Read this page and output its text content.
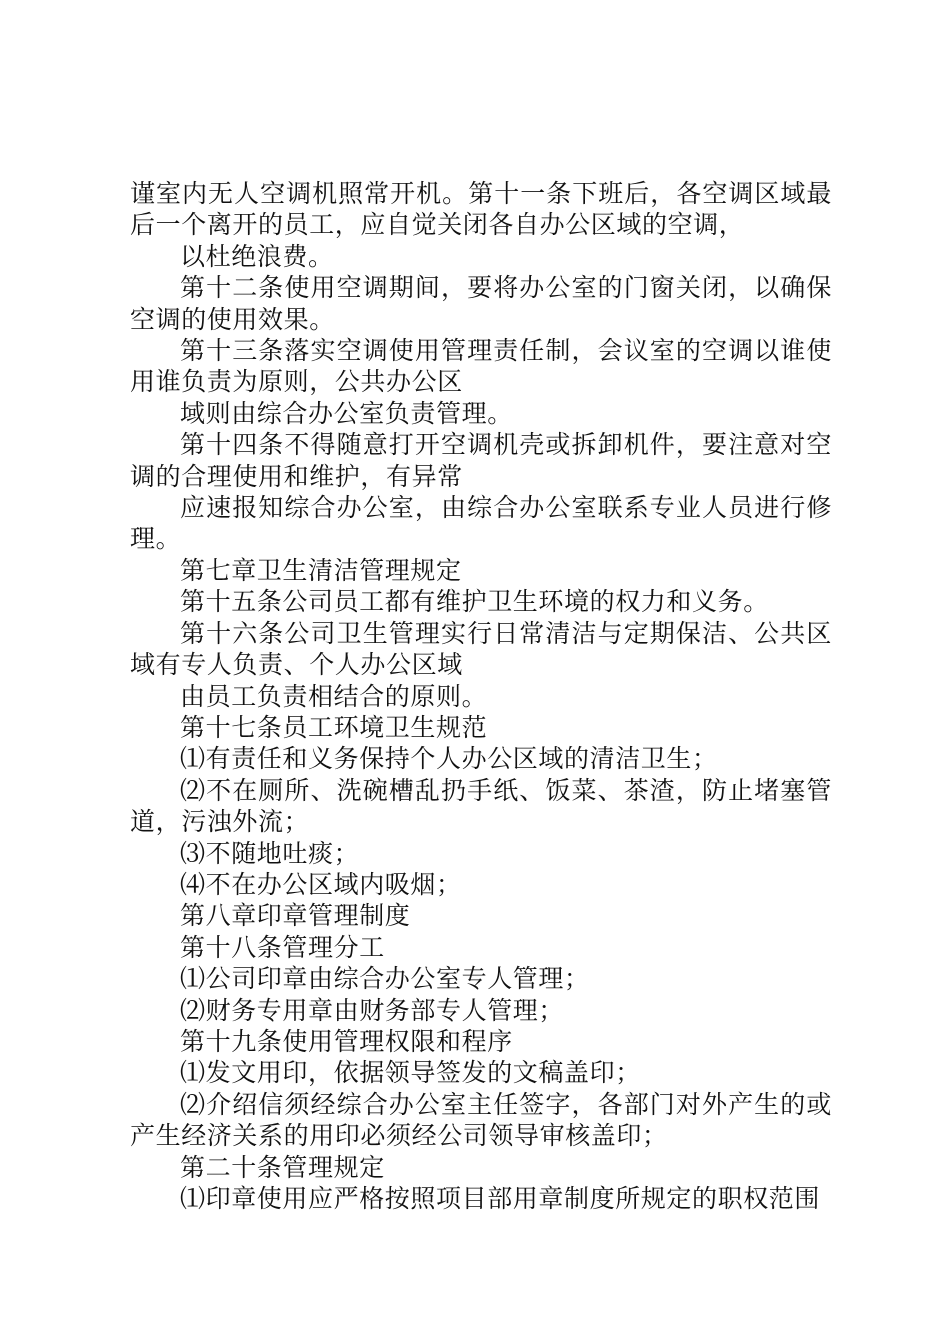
谨室内无人空调机照常开机。第十一条下班后，各空调区域最后一个离开的员工，应自觉关闭各自办公区域的空调，

以杜绝浪费。

第十二条使用空调期间，要将办公室的门窗关闭，以确保空调的使用效果。

第十三条落实空调使用管理责任制，会议室的空调以谁使用谁负责为原则，公共办公区

域则由综合办公室负责管理。

第十四条不得随意打开空调机壳或拆卸机件，要注意对空调的合理使用和维护，有异常

应速报知综合办公室，由综合办公室联系专业人员进行修理。

第七章卫生清洁管理规定

第十五条公司员工都有维护卫生环境的权力和义务。

第十六条公司卫生管理实行日常清洁与定期保洁、公共区域有专人负责、个人办公区域

由员工负责相结合的原则。

第十七条员工环境卫生规范

⑴有责任和义务保持个人办公区域的清洁卫生；

⑵不在厕所、洗碗槽乱扔手纸、饭菜、茶渣，防止堵塞管道，污浊外流；

⑶不随地吐痰；

⑷不在办公区域内吸烟；

第八章印章管理制度

第十八条管理分工

⑴公司印章由综合办公室专人管理；

⑵财务专用章由财务部专人管理；

第十九条使用管理权限和程序

⑴发文用印，依据领导签发的文稿盖印；

⑵介绍信须经综合办公室主任签字，各部门对外产生的或产生经济关系的用印必须经公司领导审核盖印；

第二十条管理规定

⑴印章使用应严格按照项目部用章制度所规定的职权范围
